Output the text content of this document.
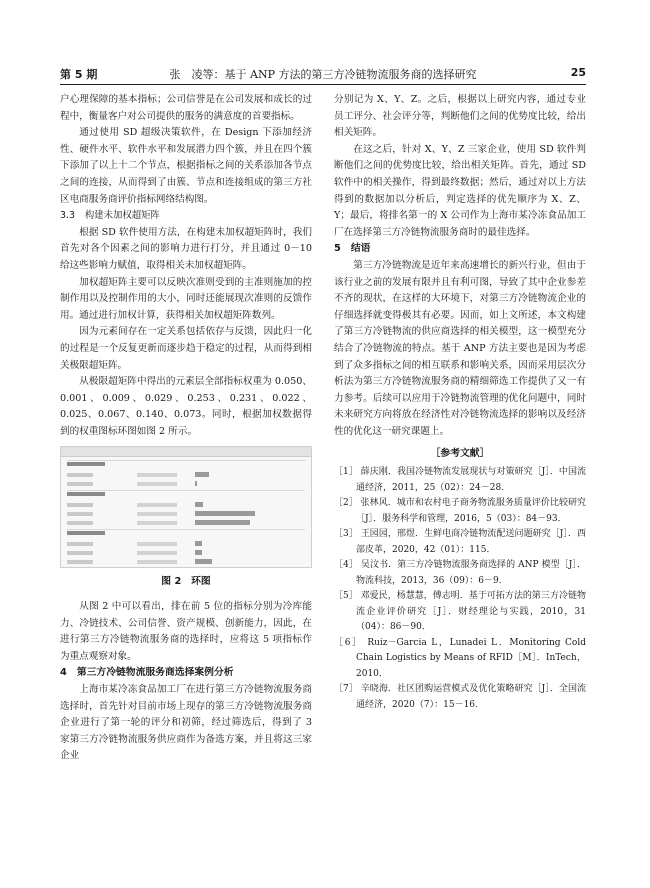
第 5 期	张　凌等：基于 ANP 方法的第三方冷链物流服务商的选择研究	25

户心理保障的基本指标；公司信誉是在公司发展和成长的过程中，衡量客户对公司提供的服务的满意度的首要指标。

通过使用 SD 超级决策软件，在 Design 下添加经济性、硬件水平、软件水平和发展潜力四个簇，并且在四个簇下添加了以上十二个节点，根据指标之间的关系添加各节点之间的连接，从而得到了由簇、节点和连接组成的第三方社区电商服务商评价指标网络结构图。

3.3 构建未加权超矩阵

根据 SD 软件使用方法，在构建未加权超矩阵时，我们首先对各个因素之间的影响力进行打分，并且通过 0－10 给这些影响力赋值，取得相关未加权超矩阵。

加权超矩阵主要可以反映次准则受到的主准则施加的控制作用以及控制作用的大小，同时还能展现次准则的反馈作用。通过进行加权计算，获得相关加权超矩阵数列。

因为元素间存在一定关系包括依存与反馈，因此归一化的过程是一个反复更新而逐步趋于稳定的过程，从而得到相关极限超矩阵。

从极限超矩阵中得出的元素层全部指标权重为 0.050、0.001、0.009、0.029、0.253、0.231、0.022、0.025、0.067、0.140、0.073。同时，根据加权数据得到的权重图标环图如图 2 所示。

图 2　环图

从图 2 中可以看出，排在前 5 位的指标分别为冷库能力、冷链技术、公司信誉、资产规模、创新能力，因此，在进行第三方冷链物流服务商的选择时，应将这 5 项指标作为重点观察对象。

4 第三方冷链物流服务商选择案例分析

上海市某冷冻食品加工厂在进行第三方冷链物流服务商选择时，首先针对目前市场上现存的第三方冷链物流服务商企业进行了第一轮的评分和初筛，经过筛选后，得到了 3 家第三方冷链物流服务供应商作为备选方案，并且将这三家企业

分别记为 X、Y、Z。之后，根据以上研究内容，通过专业员工评分、社会评分等，判断他们之间的优势度比较，给出相关矩阵。

在这之后，针对 X、Y、Z 三家企业，使用 SD 软件判断他们之间的优势度比较，给出相关矩阵。首先，通过 SD 软件中的相关操作，得到最终数据；然后，通过对以上方法得到的数据加以分析后，判定选择的优先顺序为 X、Z、Y；最后，将排名第一的 X 公司作为上海市某冷冻食品加工厂在选择第三方冷链物流服务商时的最佳选择。

5 结语

第三方冷链物流是近年来高速增长的新兴行业，但由于该行业之前的发展有限并且有利可图，导致了其中企业参差不齐的现状，在这样的大环境下，对第三方冷链物流企业的仔细选择就变得极其有必要。因而，如上文所述，本文构建了第三方冷链物流的供应商选择的相关模型，这一模型充分结合了冷链物流的特点。基于 ANP 方法主要也是因为考虑到了众多指标之间的相互联系和影响关系，因而采用层次分析法为第三方冷链物流服务商的精细筛选工作提供了又一有力参考。后续可以应用于冷链物流管理的优化问题中，同时未来研究方向将放在经济性对冷链物流选择的影响以及经济性的优化这一研究课题上。

［参考文献］

［1］ 薛庆刚．我国冷链物流发展现状与对策研究［J］．中国流通经济，2011，25（02）：24－28．

［2］ 张林风．城市和农村电子商务物流服务质量评价比较研究［J］．服务科学和管理，2016，5（03）：84－93．

［3］ 王园园，邢煜．生鲜电商冷链物流配送问题研究［J］．西部皮革，2020，42（01）：115．

［4］ 吴汶书．第三方冷链物流服务商选择的 ANP 模型［J］．物流科技，2013，36（09）：6－9．

［5］ 邓爱民，杨慧慧，傅志明．基于可拓方法的第三方冷链物流企业评价研究［J］．财经理论与实践，2010，31（04）：86－90．

［6］ Ruiz－Garcia L，Lunadei L．Monitoring Cold Chain Logistics by Means of RFID［M］．InTech，2010．

［7］ 辛晓海．社区团购运营模式及优化策略研究［J］．全国流通经济，2020（7）：15－16．
